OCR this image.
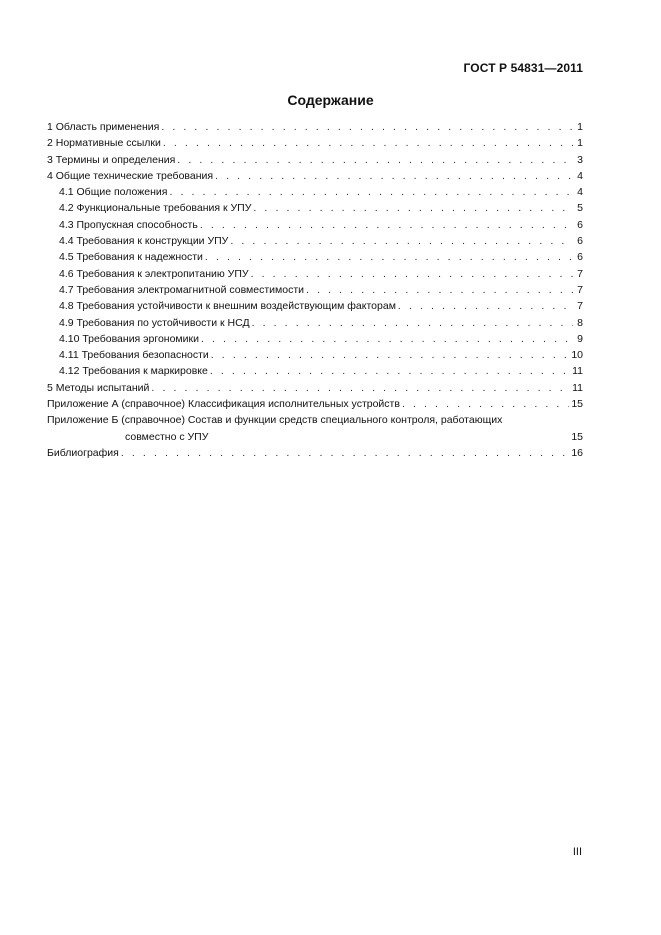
ГОСТ Р 54831—2011
Содержание
1 Область применения . . .	1
2 Нормативные ссылки . . .	1
3 Термины и определения . . .	3
4 Общие технические требования . . .	4
4.1 Общие положения . . .	4
4.2 Функциональные требования к УПУ . . .	5
4.3 Пропускная способность . . .	6
4.4 Требования к конструкции УПУ . . .	6
4.5 Требования к надежности . . .	6
4.6 Требования к электропитанию УПУ . . .	7
4.7 Требования электромагнитной совместимости . . .	7
4.8 Требования устойчивости к внешним воздействующим факторам . . .	7
4.9 Требования по устойчивости к НСД . . .	8
4.10 Требования эргономики . . .	9
4.11 Требования безопасности . . .	10
4.12 Требования к маркировке . . .	11
5 Методы испытаний . . .	11
Приложение А (справочное) Классификация исполнительных устройств . . .	15
Приложение Б (справочное) Состав и функции средств специального контроля, работающих
совместно с УПУ	15
Библиография . . .	16
III
